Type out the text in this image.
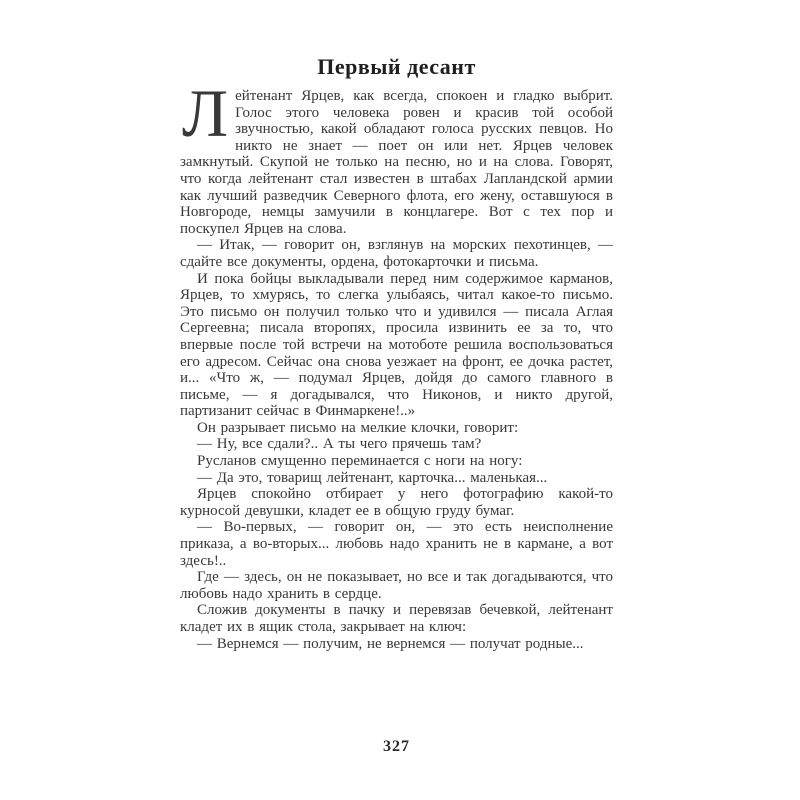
Первый десант

Лейтенант Ярцев, как всегда, спокоен и гладко выбрит. Голос этого человека ровен и красив той особой звучностью, какой обладают голоса русских певцов. Но никто не знает — поет он или нет. Ярцев человек замкнутый. Скупой не только на песню, но и на слова. Говорят, что когда лейтенант стал известен в штабах Лапландской армии как лучший разведчик Северного флота, его жену, оставшуюся в Новгороде, немцы замучили в концлагере. Вот с тех пор и поскупел Ярцев на слова.

— Итак, — говорит он, взглянув на морских пехотинцев, — сдайте все документы, ордена, фотокарточки и письма.

И пока бойцы выкладывали перед ним содержимое карманов, Ярцев, то хмурясь, то слегка улыбаясь, читал какое-то письмо. Это письмо он получил только что и удивился — писала Аглая Сергеевна; писала второпях, просила извинить ее за то, что впервые после той встречи на мотоботе решила воспользоваться его адресом. Сейчас она снова уезжает на фронт, ее дочка растет, и... «Что ж, — подумал Ярцев, дойдя до самого главного в письме, — я догадывался, что Никонов, и никто другой, партизанит сейчас в Финмаркене!..»

Он разрывает письмо на мелкие клочки, говорит:

— Ну, все сдали?.. А ты чего прячешь там?

Русланов смущенно переминается с ноги на ногу:

— Да это, товарищ лейтенант, карточка... маленькая...

Ярцев спокойно отбирает у него фотографию какой-то курносой девушки, кладет ее в общую груду бумаг.

— Во-первых, — говорит он, — это есть неисполнение приказа, а во-вторых... любовь надо хранить не в кармане, а вот здесь!..

Где — здесь, он не показывает, но все и так догадываются, что любовь надо хранить в сердце.

Сложив документы в пачку и перевязав бечевкой, лейтенант кладет их в ящик стола, закрывает на ключ:

— Вернемся — получим, не вернемся — получат родные...

327
